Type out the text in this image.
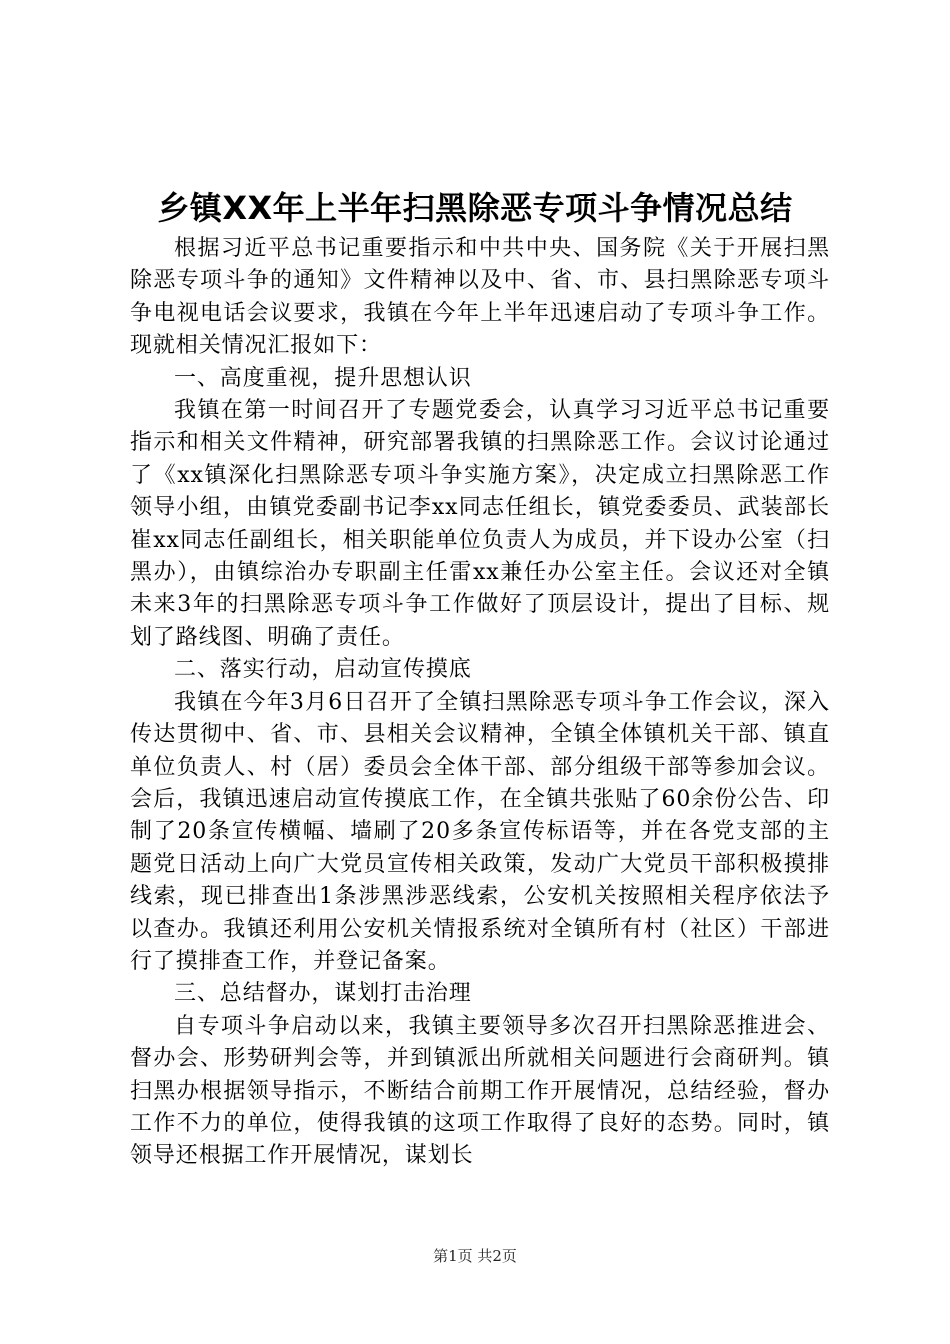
乡镇XX年上半年扫黑除恶专项斗争情况总结

根据习近平总书记重要指示和中共中央、国务院《关于开展扫黑除恶专项斗争的通知》文件精神以及中、省、市、县扫黑除恶专项斗争电视电话会议要求，我镇在今年上半年迅速启动了专项斗争工作。现就相关情况汇报如下：

一、高度重视，提升思想认识

我镇在第一时间召开了专题党委会，认真学习习近平总书记重要指示和相关文件精神，研究部署我镇的扫黑除恶工作。会议讨论通过了《xx镇深化扫黑除恶专项斗争实施方案》，决定成立扫黑除恶工作领导小组，由镇党委副书记李xx同志任组长，镇党委委员、武装部长崔xx同志任副组长，相关职能单位负责人为成员，并下设办公室（扫黑办），由镇综治办专职副主任雷xx兼任办公室主任。会议还对全镇未来3年的扫黑除恶专项斗争工作做好了顶层设计，提出了目标、规划了路线图、明确了责任。

二、落实行动，启动宣传摸底

我镇在今年3月6日召开了全镇扫黑除恶专项斗争工作会议，深入传达贯彻中、省、市、县相关会议精神，全镇全体镇机关干部、镇直单位负责人、村（居）委员会全体干部、部分组级干部等参加会议。会后，我镇迅速启动宣传摸底工作，在全镇共张贴了60余份公告、印制了20条宣传横幅、墙刷了20多条宣传标语等，并在各党支部的主题党日活动上向广大党员宣传相关政策，发动广大党员干部积极摸排线索，现已排查出1条涉黑涉恶线索，公安机关按照相关程序依法予以查办。我镇还利用公安机关情报系统对全镇所有村（社区）干部进行了摸排查工作，并登记备案。

三、总结督办，谋划打击治理

自专项斗争启动以来，我镇主要领导多次召开扫黑除恶推进会、督办会、形势研判会等，并到镇派出所就相关问题进行会商研判。镇扫黑办根据领导指示，不断结合前期工作开展情况，总结经验，督办工作不力的单位，使得我镇的这项工作取得了良好的态势。同时，镇领导还根据工作开展情况，谋划长

第1页 共2页
